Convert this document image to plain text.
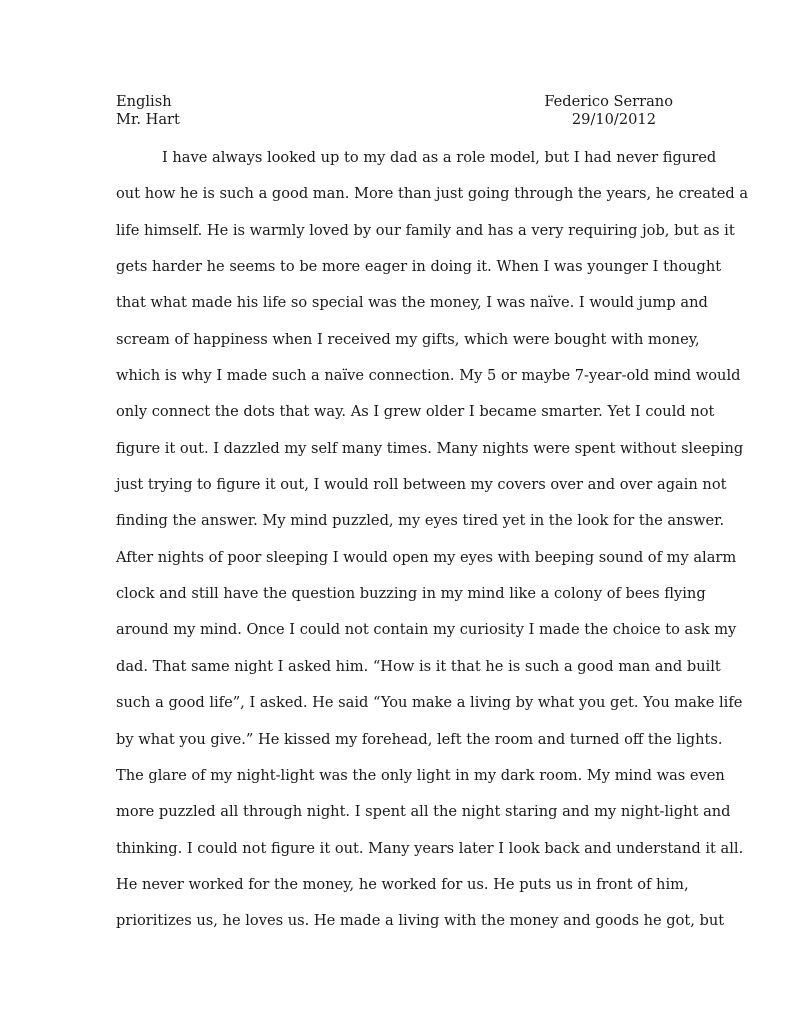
English	Federico Serrano
Mr. Hart	29/10/2012
I have always looked up to my dad as a role model, but I had never figured
out how he is such a good man. More than just going through the years, he created a
life himself. He is warmly loved by our family and has a very requiring job, but as it
gets harder he seems to be more eager in doing it. When I was younger I thought
that what made his life so special was the money, I was naïve. I would jump and
scream of happiness when I received my gifts, which were bought with money,
which is why I made such a naïve connection. My 5 or maybe 7-year-old mind would
only connect the dots that way. As I grew older I became smarter. Yet I could not
figure it out. I dazzled my self many times. Many nights were spent without sleeping
just trying to figure it out, I would roll between my covers over and over again not
finding the answer. My mind puzzled, my eyes tired yet in the look for the answer.
After nights of poor sleeping I would open my eyes with beeping sound of my alarm
clock and still have the question buzzing in my mind like a colony of bees flying
around my mind. Once I could not contain my curiosity I made the choice to ask my
dad. That same night I asked him. “How is it that he is such a good man and built
such a good life”, I asked. He said “You make a living by what you get. You make life
by what you give.” He kissed my forehead, left the room and turned off the lights.
The glare of my night-light was the only light in my dark room. My mind was even
more puzzled all through night. I spent all the night staring and my night-light and
thinking. I could not figure it out. Many years later I look back and understand it all.
He never worked for the money, he worked for us. He puts us in front of him,
prioritizes us, he loves us. He made a living with the money and goods he got, but
